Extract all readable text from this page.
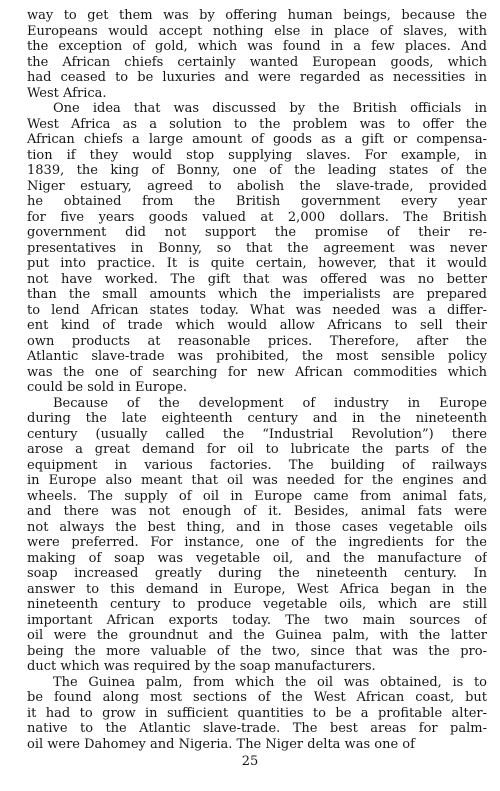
way to get them was by offering human beings, because the
Europeans would accept nothing else in place of slaves, with
the exception of gold, which was found in a few places. And
the African chiefs certainly wanted European goods, which
had ceased to be luxuries and were regarded as necessities in
West Africa.
One idea that was discussed by the British officials in
West Africa as a solution to the problem was to offer the
African chiefs a large amount of goods as a gift or compensa-
tion if they would stop supplying slaves. For example, in
1839, the king of Bonny, one of the leading states of the
Niger estuary, agreed to abolish the slave-trade, provided
he obtained from the British government every year
for five years goods valued at 2,000 dollars. The British
government did not support the promise of their re-
presentatives in Bonny, so that the agreement was never
put into practice. It is quite certain, however, that it would
not have worked. The gift that was offered was no better
than the small amounts which the imperialists are prepared
to lend African states today. What was needed was a differ-
ent kind of trade which would allow Africans to sell their
own products at reasonable prices. Therefore, after the
Atlantic slave-trade was prohibited, the most sensible policy
was the one of searching for new African commodities which
could be sold in Europe.
Because of the development of industry in Europe
during the late eighteenth century and in the nineteenth
century (usually called the “Industrial Revolution”) there
arose a great demand for oil to lubricate the parts of the
equipment in various factories. The building of railways
in Europe also meant that oil was needed for the engines and
wheels. The supply of oil in Europe came from animal fats,
and there was not enough of it. Besides, animal fats were
not always the best thing, and in those cases vegetable oils
were preferred. For instance, one of the ingredients for the
making of soap was vegetable oil, and the manufacture of
soap increased greatly during the nineteenth century. In
answer to this demand in Europe, West Africa began in the
nineteenth century to produce vegetable oils, which are still
important African exports today. The two main sources of
oil were the groundnut and the Guinea palm, with the latter
being the more valuable of the two, since that was the pro-
duct which was required by the soap manufacturers.
The Guinea palm, from which the oil was obtained, is to
be found along most sections of the West African coast, but
it had to grow in sufficient quantities to be a profitable alter-
native to the Atlantic slave-trade. The best areas for palm-
oil were Dahomey and Nigeria. The Niger delta was one of
25
